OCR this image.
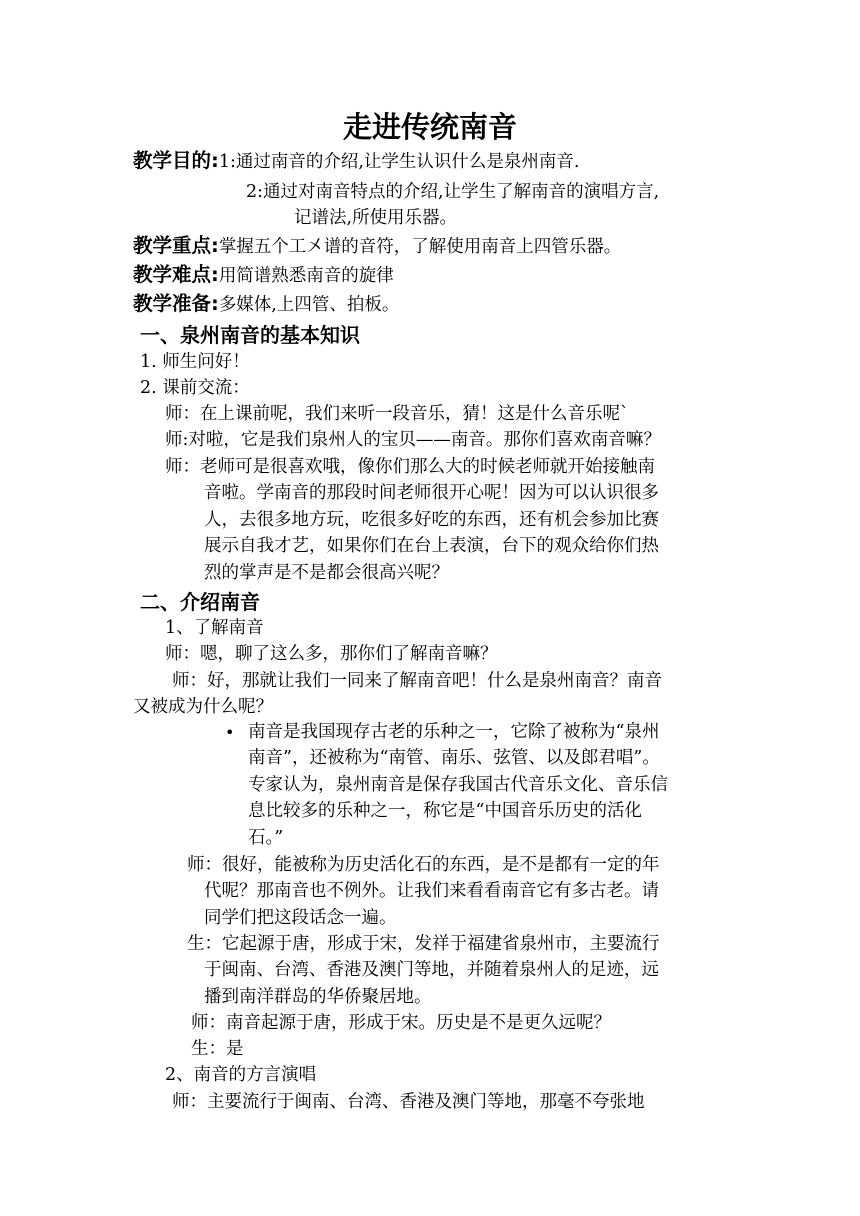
走进传统南音
教学目的:1:通过南音的介绍,让学生认识什么是泉州南音.
2:通过对南音特点的介绍,让学生了解南音的演唱方言,
记谱法,所使用乐器。
教学重点:掌握五个工㐅谱的音符，了解使用南音上四管乐器。
教学难点:用简谱熟悉南音的旋律
教学准备:多媒体,上四管、拍板。
一、泉州南音的基本知识
1. 师生问好！
2. 课前交流：
师：在上课前呢，我们来听一段音乐，猜！这是什么音乐呢`
师:对啦，它是我们泉州人的宝贝——南音。那你们喜欢南音嘛？
师：老师可是很喜欢哦，像你们那么大的时候老师就开始接触南
音啦。学南音的那段时间老师很开心呢！因为可以认识很多
人，去很多地方玩，吃很多好吃的东西，还有机会参加比赛
展示自我才艺，如果你们在台上表演，台下的观众给你们热
烈的掌声是不是都会很高兴呢？
二、介绍南音
1、了解南音
师：嗯，聊了这么多，那你们了解南音嘛？
师：好，那就让我们一同来了解南音吧！什么是泉州南音？南音
又被成为什么呢？
• 南音是我国现存古老的乐种之一，它除了被称为“泉州
南音”，还被称为“南管、南乐、弦管、以及郎君唱”。
专家认为，泉州南音是保存我国古代音乐文化、音乐信
息比较多的乐种之一，称它是“中国音乐历史的活化
石。”
师：很好，能被称为历史活化石的东西，是不是都有一定的年
代呢？那南音也不例外。让我们来看看南音它有多古老。请
同学们把这段话念一遍。
生：它起源于唐，形成于宋，发祥于福建省泉州市，主要流行
于闽南、台湾、香港及澳门等地，并随着泉州人的足迹，远
播到南洋群岛的华侨聚居地。
师：南音起源于唐，形成于宋。历史是不是更久远呢？
生：是
2、南音的方言演唱
师：主要流行于闽南、台湾、香港及澳门等地，那毫不夸张地
